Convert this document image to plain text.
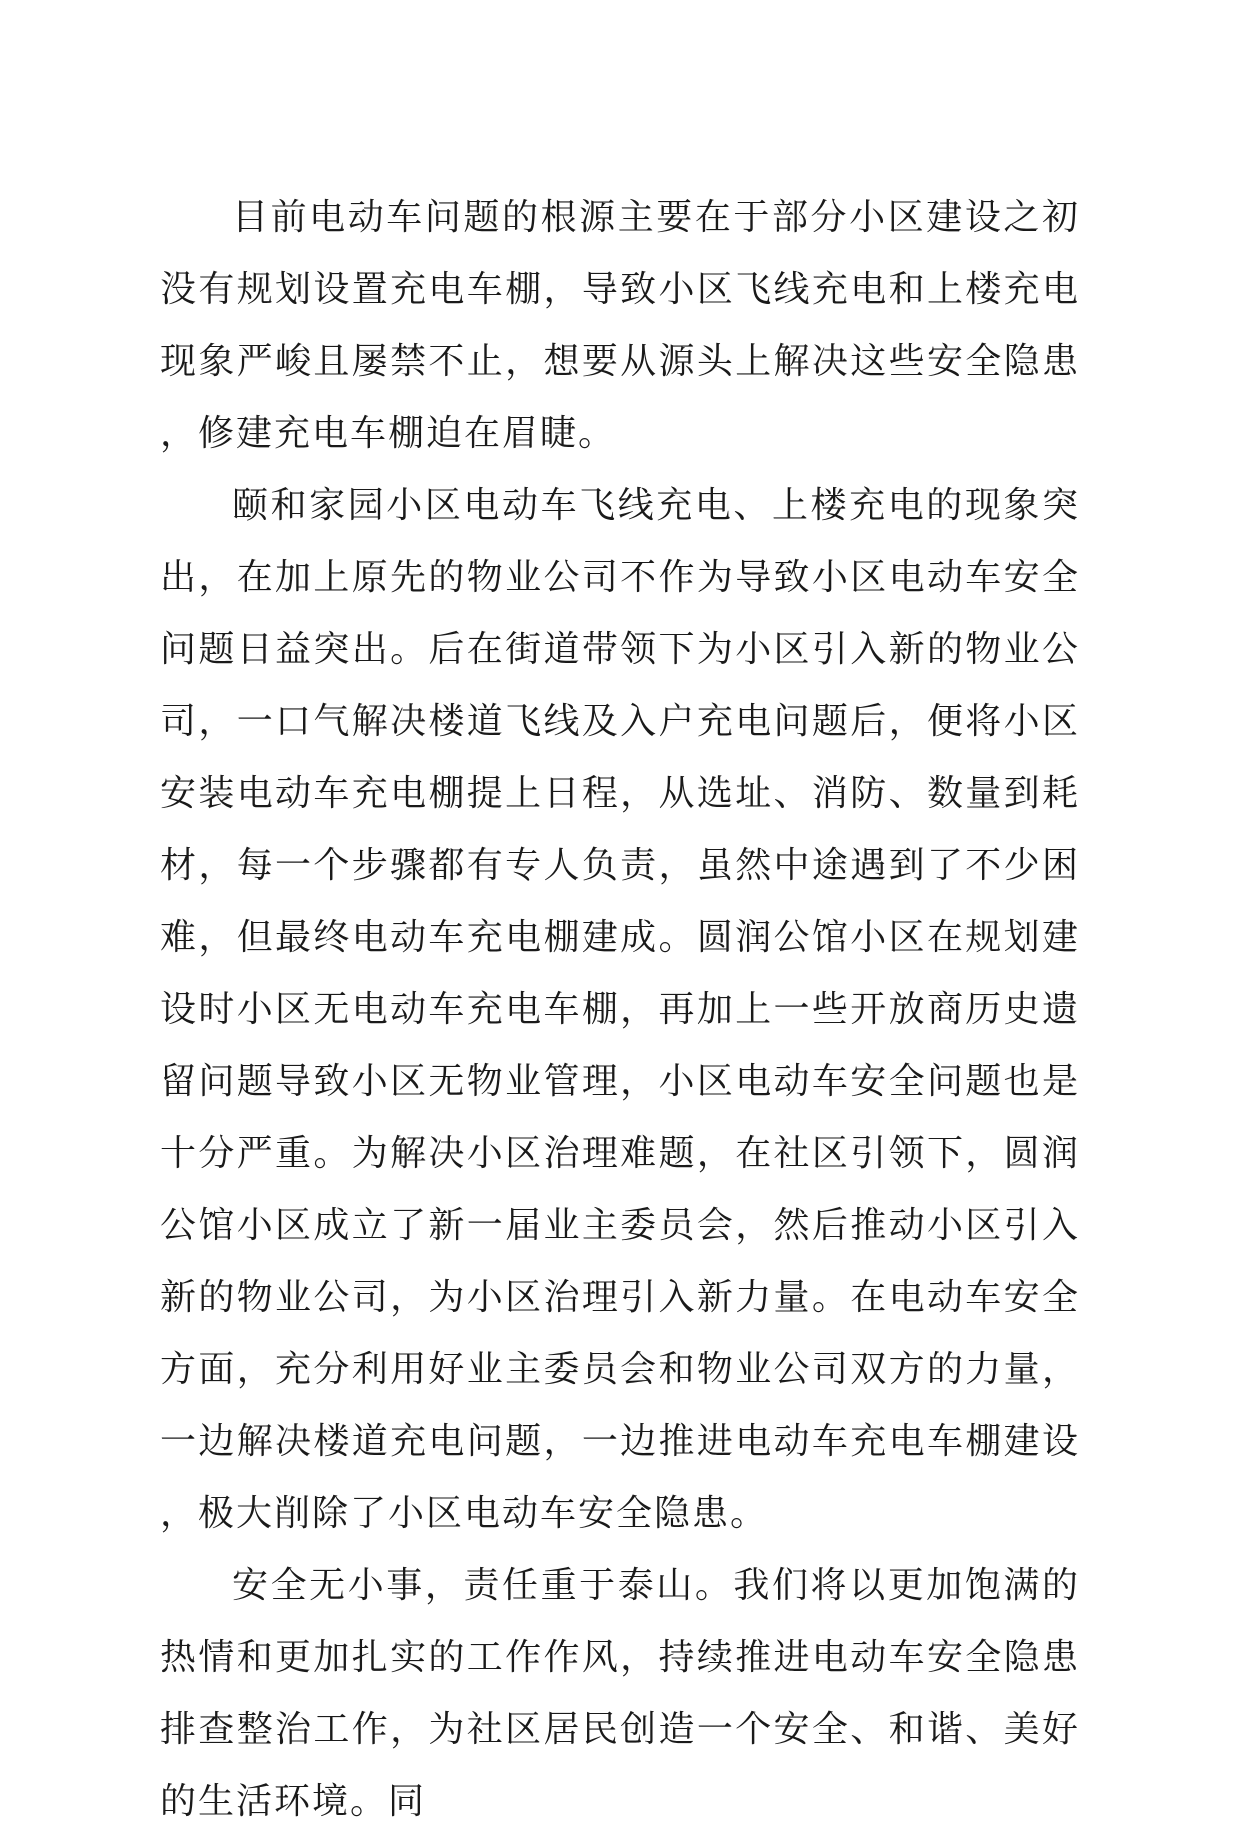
目前电动车问题的根源主要在于部分小区建设之初没有规划设置充电车棚，导致小区飞线充电和上楼充电现象严峻且屡禁不止，想要从源头上解决这些安全隐患，修建充电车棚迫在眉睫。

颐和家园小区电动车飞线充电、上楼充电的现象突出，在加上原先的物业公司不作为导致小区电动车安全问题日益突出。后在街道带领下为小区引入新的物业公司，一口气解决楼道飞线及入户充电问题后，便将小区安装电动车充电棚提上日程，从选址、消防、数量到耗材，每一个步骤都有专人负责，虽然中途遇到了不少困难，但最终电动车充电棚建成。圆润公馆小区在规划建设时小区无电动车充电车棚，再加上一些开放商历史遗留问题导致小区无物业管理，小区电动车安全问题也是十分严重。为解决小区治理难题，在社区引领下，圆润公馆小区成立了新一届业主委员会，然后推动小区引入新的物业公司，为小区治理引入新力量。在电动车安全方面，充分利用好业主委员会和物业公司双方的力量，一边解决楼道充电问题，一边推进电动车充电车棚建设，极大削除了小区电动车安全隐患。

安全无小事，责任重于泰山。我们将以更加饱满的热情和更加扎实的工作作风，持续推进电动车安全隐患排查整治工作，为社区居民创造一个安全、和谐、美好的生活环境。同
